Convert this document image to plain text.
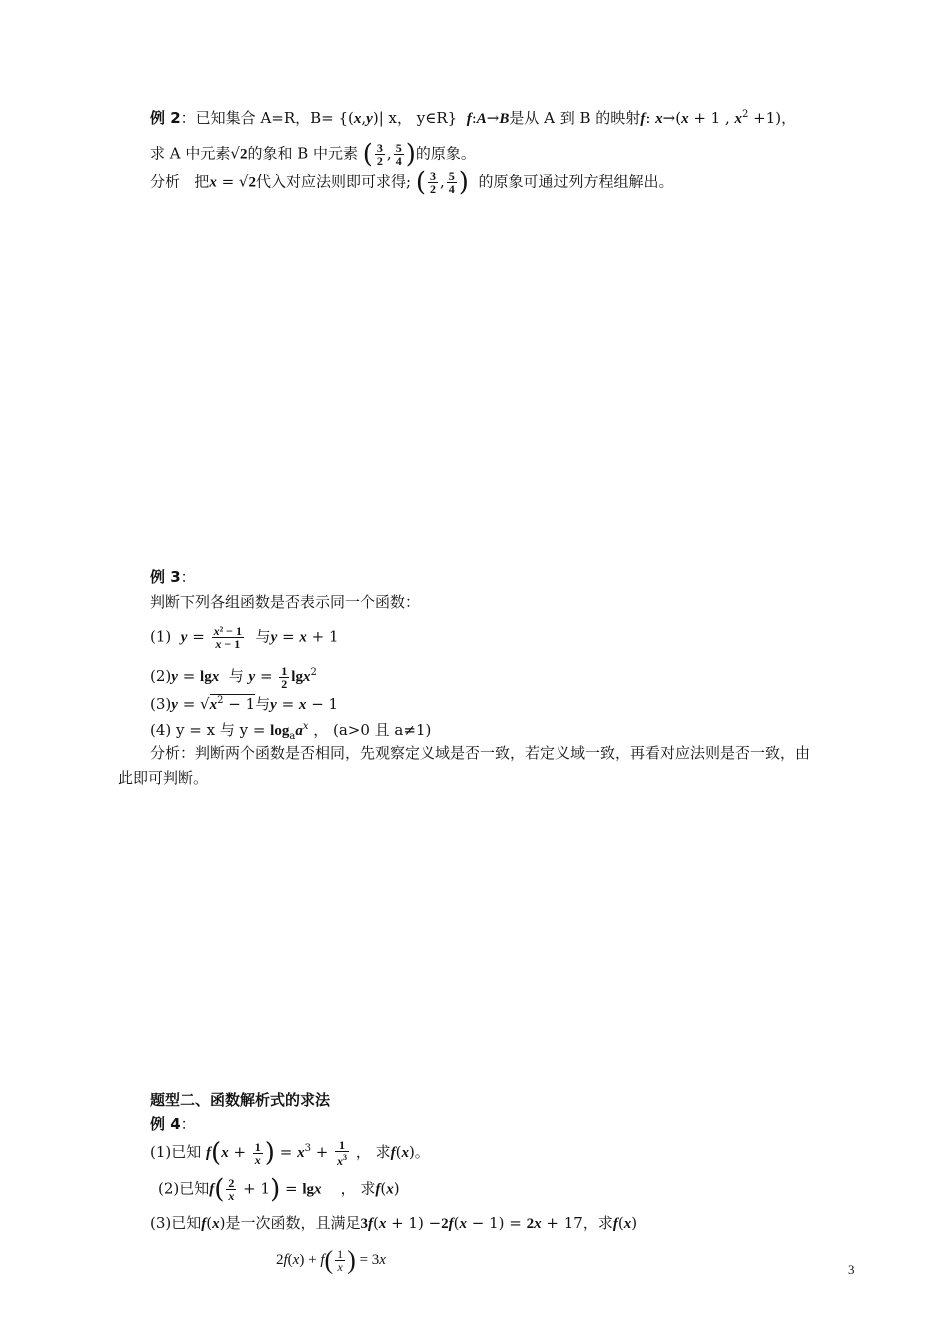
例 2：已知集合 A=R，B= {(x,y)| x， y∈R}  f:A→B是从 A 到 B 的映射f: x→(x + 1 , $x^2 +1$)，
求 A 中元素√2的象和 B 中元素 ( $\frac{3}{2}$ , $\frac{5}{4}$ )的原象。
分析   把x = √2代入对应法则即可求得; ( $\frac{3}{2}$ , $\frac{5}{4}$ )  的原象可通过列方程组解出。
例 3：
判断下列各组函数是否表示同一个函数：
(1)  $y = \frac{\text{x² − 1}}{x - 1}$ 与y = x + 1
(2)y = lgx  与 $y = \frac{1}{2} \lg x^2$
$(3)y = √x^2 - 1$与y = x − 1
(4) y = x 与 $y = \log_aa^x$ ， (a>0 且 a≠1)
分析：判断两个函数是否相同，先观察定义域是否一致，若定义域一致，再看对应法则是否一致，由
此即可判断。
题型二、函数解析式的求法
例 4：
(1)已知 $f(x + \frac{1}{x}$ ) = $x^3 + \frac{1}{x^3}$ ， 求f(x)。
(2)已知$f( \frac{2}{x} + 1) = \lg x$    ， 求f(x)
(3)已知f(x)是一次函数，且满足3f(x + 1) −2f(x − 1) = 2x + 17，求f(x)
$2f(x) + f( \frac{1}{x}$ ) = 3x
3
